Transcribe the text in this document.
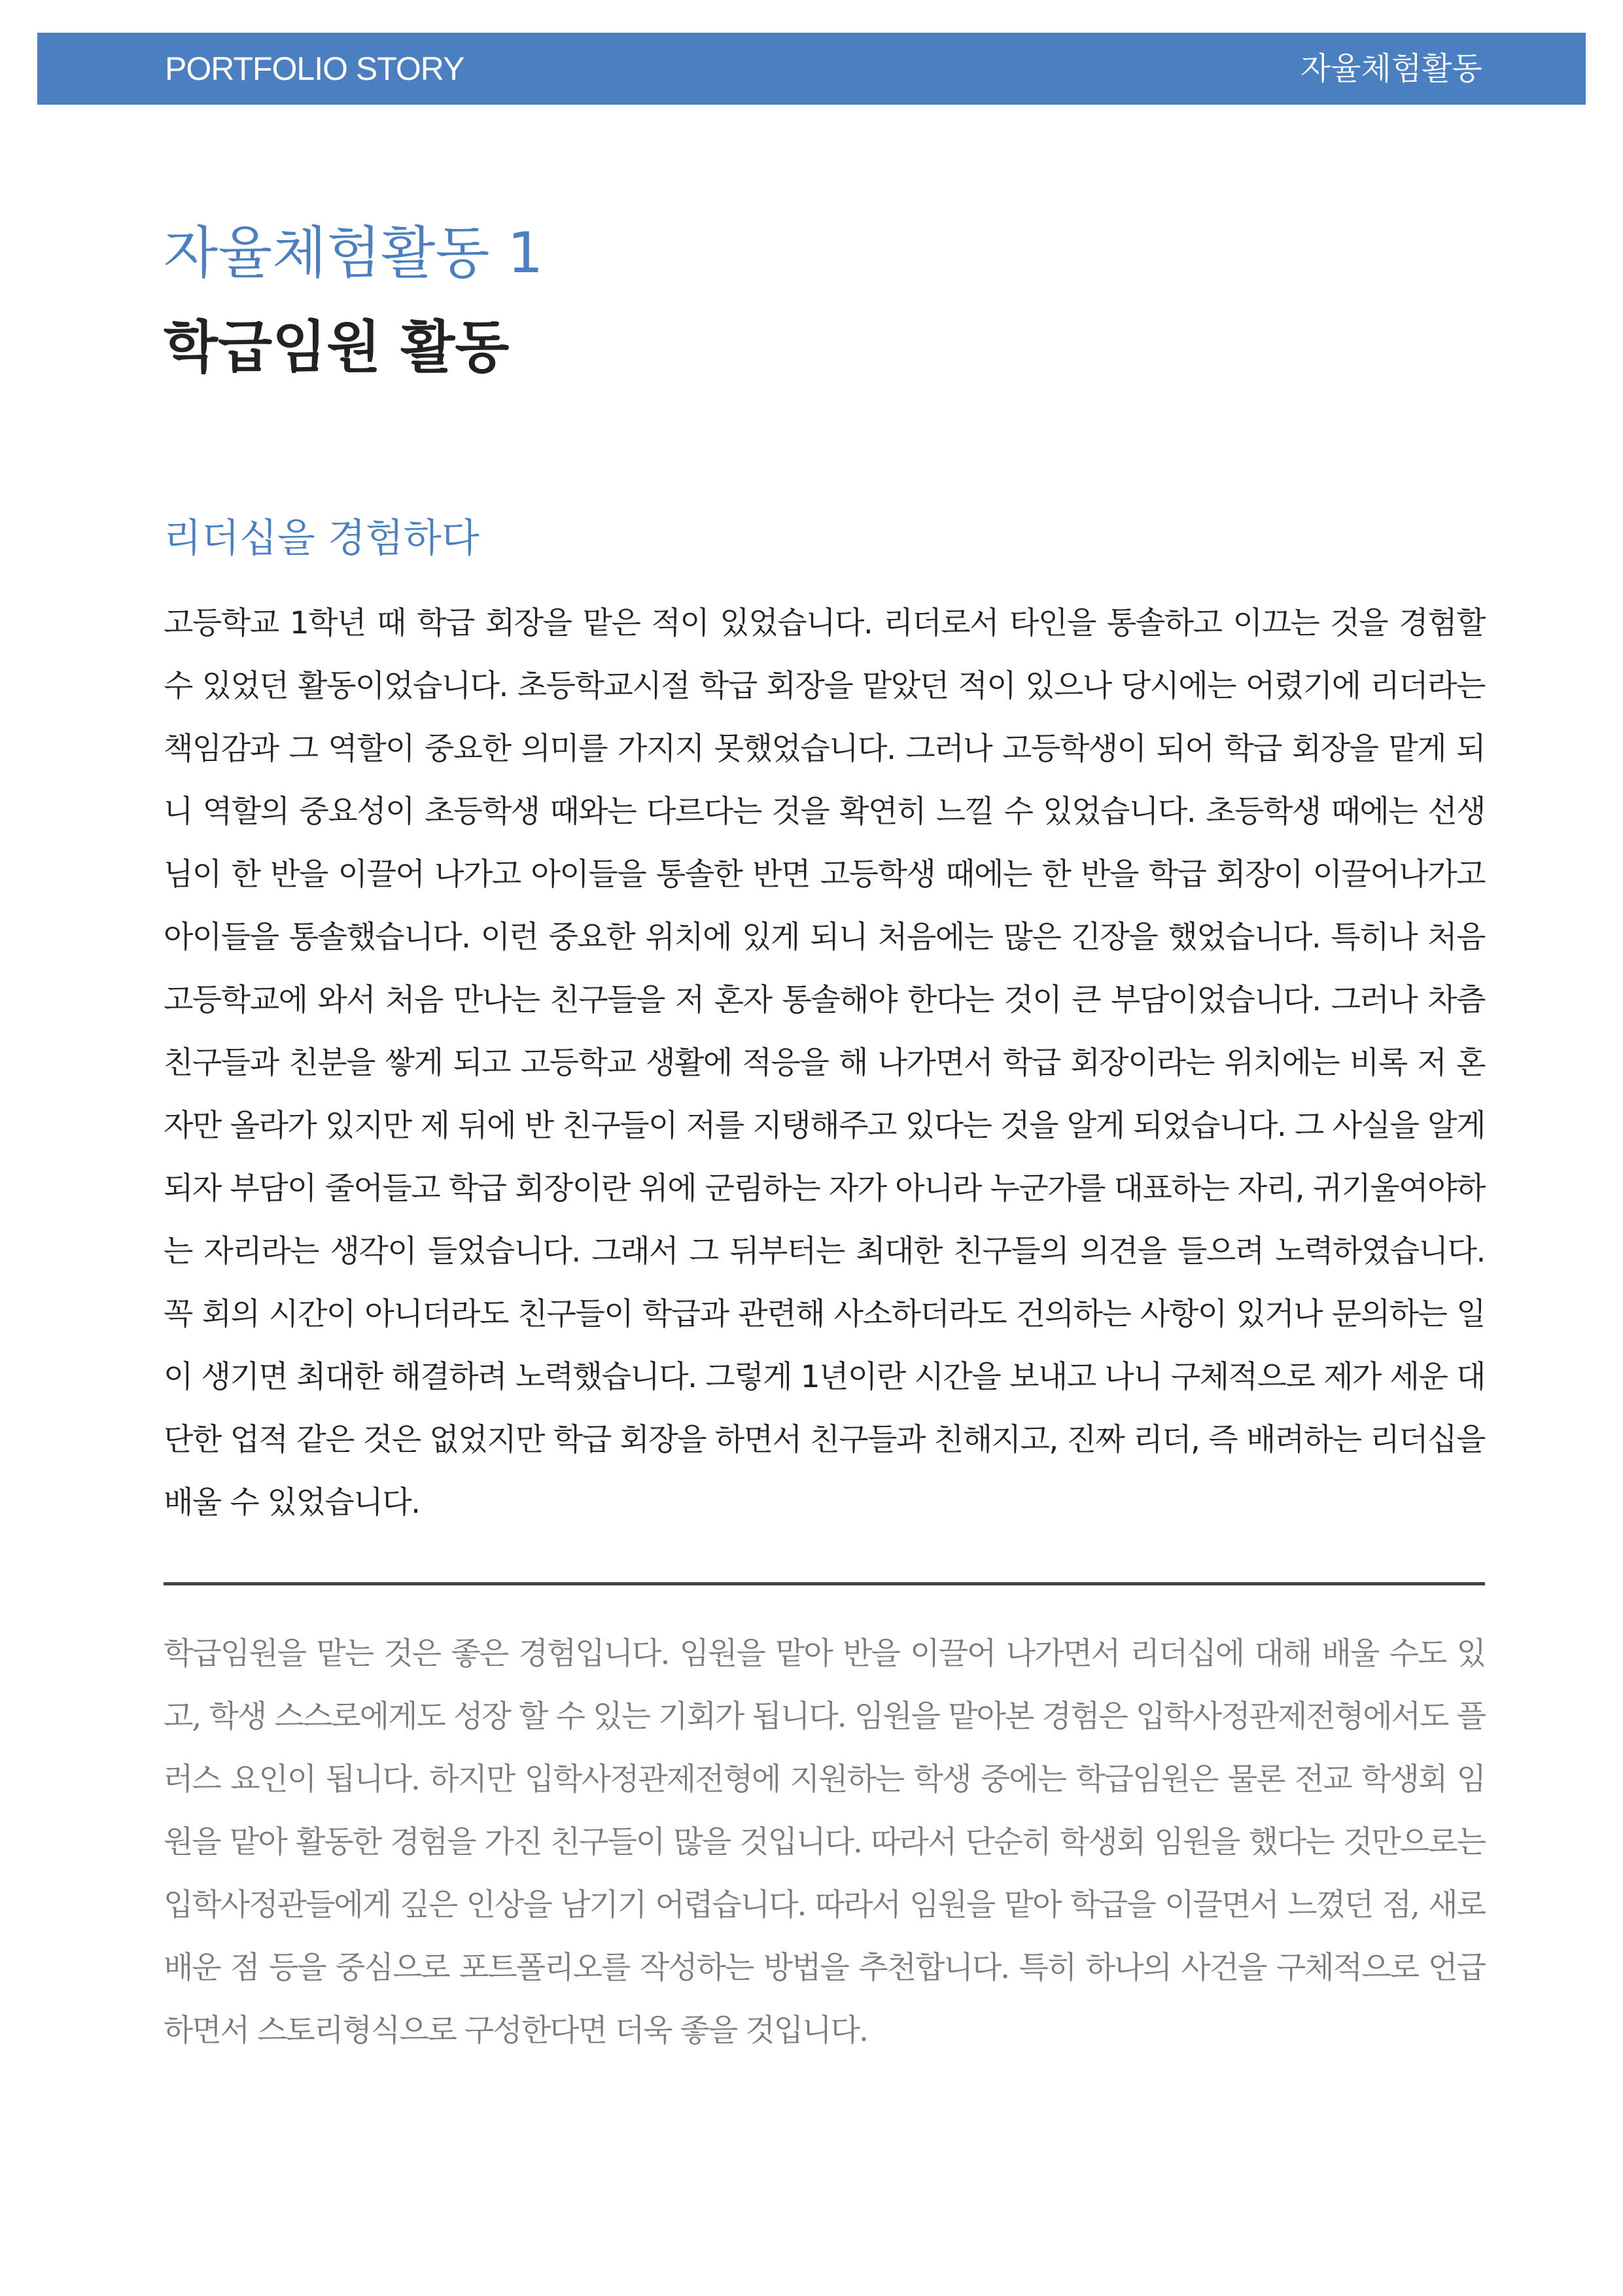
PORTFOLIO STORY	자율체험활동
자율체험활동 1
학급임원 활동
리더십을 경험하다
고등학교 1학년 때 학급 회장을 맡은 적이 있었습니다. 리더로서 타인을 통솔하고 이끄는 것을 경험할 수 있었던 활동이었습니다. 초등학교시절 학급 회장을 맡았던 적이 있으나 당시에는 어렸기에 리더라는 책임감과 그 역할이 중요한 의미를 가지지 못했었습니다. 그러나 고등학생이 되어 학급 회장을 맡게 되니 역할의 중요성이 초등학생 때와는 다르다는 것을 확연히 느낄 수 있었습니다. 초등학생 때에는 선생님이 한 반을 이끌어 나가고 아이들을 통솔한 반면 고등학생 때에는 한 반을 학급 회장이 이끌어나가고 아이들을 통솔했습니다. 이런 중요한 위치에 있게 되니 처음에는 많은 긴장을 했었습니다. 특히나 처음 고등학교에 와서 처음 만나는 친구들을 저 혼자 통솔해야 한다는 것이 큰 부담이었습니다. 그러나 차츰 친구들과 친분을 쌓게 되고 고등학교 생활에 적응을 해 나가면서 학급 회장이라는 위치에는 비록 저 혼자만 올라가 있지만 제 뒤에 반 친구들이 저를 지탱해주고 있다는 것을 알게 되었습니다. 그 사실을 알게 되자 부담이 줄어들고 학급 회장이란 위에 군림하는 자가 아니라 누군가를 대표하는 자리, 귀기울여야하는 자리라는 생각이 들었습니다. 그래서 그 뒤부터는 최대한 친구들의 의견을 들으려 노력하였습니다. 꼭 회의 시간이 아니더라도 친구들이 학급과 관련해 사소하더라도 건의하는 사항이 있거나 문의하는 일이 생기면 최대한 해결하려 노력했습니다. 그렇게 1년이란 시간을 보내고 나니 구체적으로 제가 세운 대단한 업적 같은 것은 없었지만 학급 회장을 하면서 친구들과 친해지고, 진짜 리더, 즉 배려하는 리더십을 배울 수 있었습니다.
학급임원을 맡는 것은 좋은 경험입니다. 임원을 맡아 반을 이끌어 나가면서 리더십에 대해 배울 수도 있고, 학생 스스로에게도 성장 할 수 있는 기회가 됩니다. 임원을 맡아본 경험은 입학사정관제전형에서도 플러스 요인이 됩니다. 하지만 입학사정관제전형에 지원하는 학생 중에는 학급임원은 물론 전교 학생회 임원을 맡아 활동한 경험을 가진 친구들이 많을 것입니다. 따라서 단순히 학생회 임원을 했다는 것만으로는 입학사정관들에게 깊은 인상을 남기기 어렵습니다. 따라서 임원을 맡아 학급을 이끌면서 느꼈던 점, 새로 배운 점 등을 중심으로 포트폴리오를 작성하는 방법을 추천합니다. 특히 하나의 사건을 구체적으로 언급하면서 스토리형식으로 구성한다면 더욱 좋을 것입니다.
